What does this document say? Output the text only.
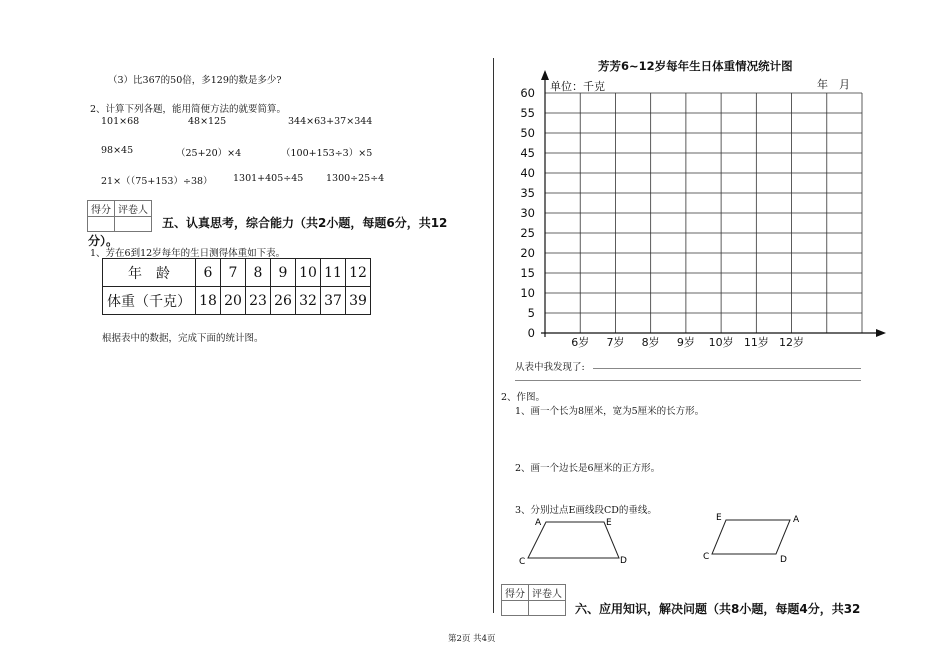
（3）比367的50倍，多129的数是多少?
2、计算下列各题，能用简便方法的就要简算。
101×68	48×125	344×63+37×344
98×45	（25+20）×4	（100+153÷3）×5
21×（（75+153）÷38） 1301+405÷45 1300÷25÷4
得分	评卷人

五、认真思考，综合能力（共2小题，每题6分，共12
分）。
1、芳在6到12岁每年的生日测得体重如下表。
年　龄	6	7	8	9	10	11	12
体重（千克）	18	20	23	26	32	37	39
根据表中的数据，完成下面的统计图。
芳芳6~12岁每年生日体重情况统计图
0
5
10
15
20
25
30
35
40
45
50
55
60
6岁 7岁 8岁 9岁 10岁 11岁 12岁
单位：千克	年　月
从表中我发现了:
2、作图。
1、画一个长为8厘米，宽为5厘米的长方形。
2、画一个边长是6厘米的正方形。
3、分别过点E画线段CD的垂线。
A	E
C	D
E	A
C	D
得分	评卷人

六、应用知识，解决问题（共8小题，每题4分，共32
第2页 共4页
